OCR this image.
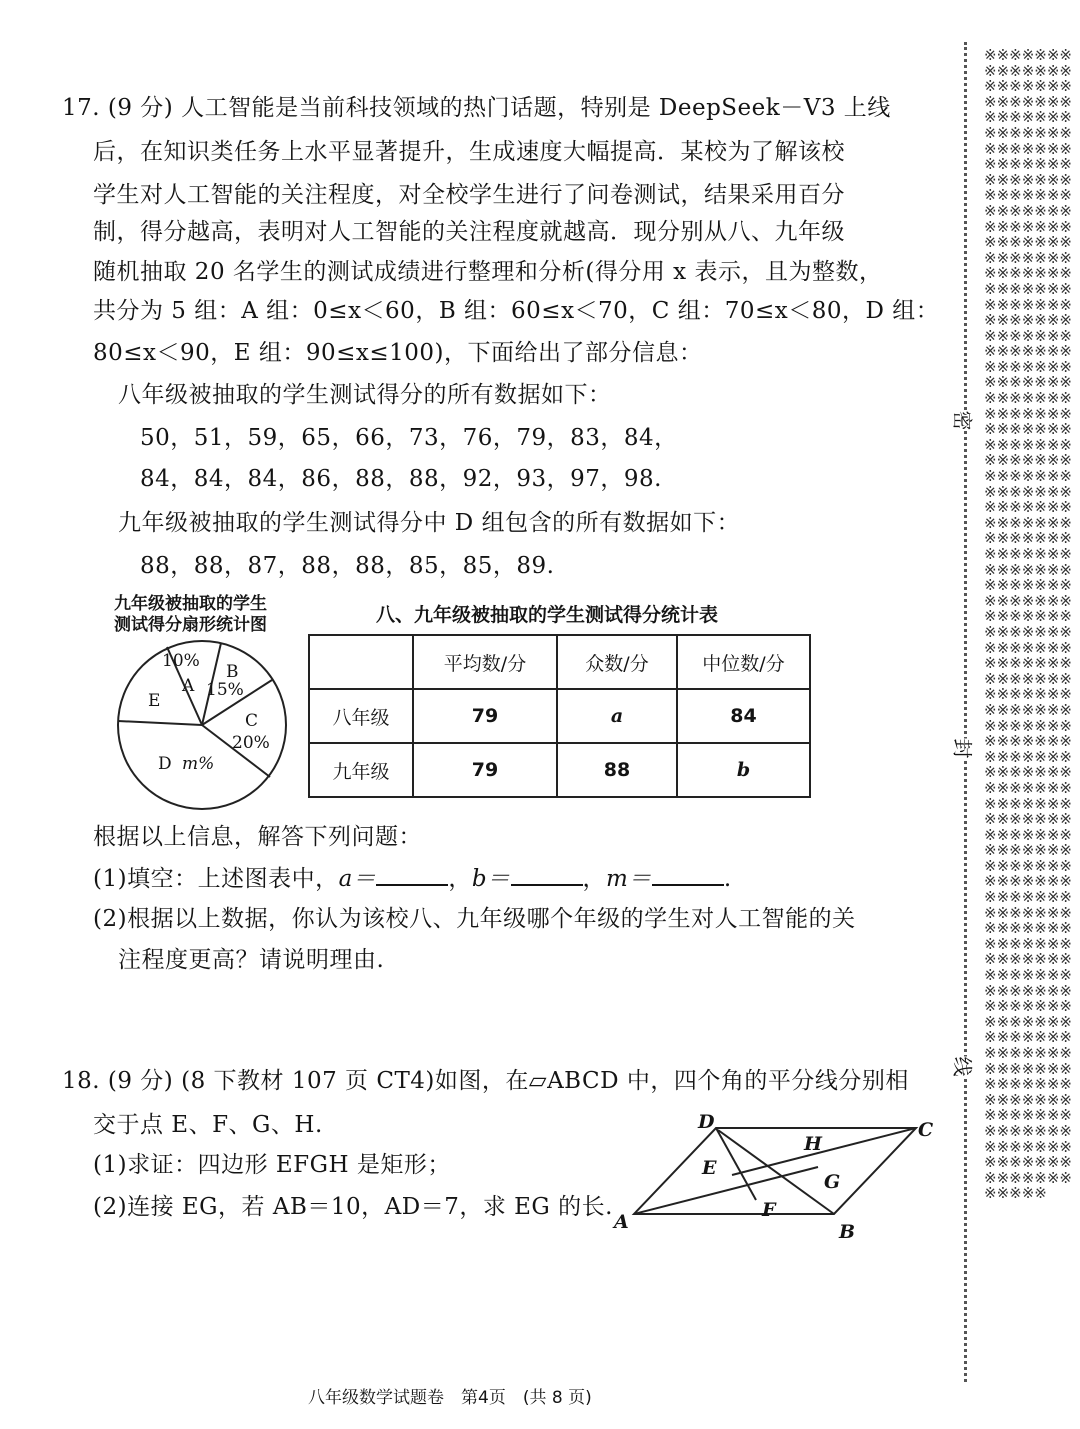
17. (9 分) 人工智能是当前科技领域的热门话题，特别是 DeepSeek－V3 上线
后，在知识类任务上水平显著提升，生成速度大幅提高．某校为了解该校
学生对人工智能的关注程度，对全校学生进行了问卷测试，结果采用百分
制，得分越高，表明对人工智能的关注程度就越高．现分别从八、九年级
随机抽取 20 名学生的测试成绩进行整理和分析(得分用 x 表示，且为整数，
共分为 5 组：A 组：0≤x＜60，B 组：60≤x＜70，C 组：70≤x＜80，D 组：
80≤x＜90，E 组：90≤x≤100)，下面给出了部分信息：
八年级被抽取的学生测试得分的所有数据如下：
50，51，59，65，66，73，76，79，83，84，
84，84，84，86，88，88，92，93，97，98.
九年级被抽取的学生测试得分中 D 组包含的所有数据如下：
88，88，87，88，88，85，85，89.
九年级被抽取的学生
测试得分扇形统计图
10%
A
B
15%
E
C
20%
D m%
八、九年级被抽取的学生测试得分统计表
	平均数/分	众数/分	中位数/分
八年级	79	a	84
九年级	79	88	b
根据以上信息，解答下列问题：
(1)填空：上述图表中，a＝	，b＝	，m＝	.
(2)根据以上数据，你认为该校八、九年级哪个年级的学生对人工智能的关
注程度更高？请说明理由.
18. (9 分) (8 下教材 107 页 CT4)如图，在▱ABCD 中，四个角的平分线分别相
交于点 E、F、G、H.
(1)求证：四边形 EFGH 是矩形；
(2)连接 EG，若 AB＝10，AD＝7，求 EG 的长.
A	B
C
D
E
F
G
H
八年级数学试题卷　第4页　(共 8 页)
※※※※※※※※※※※※※※※※※※※※※※※※※※※※※※※※※※※※※※※※※※※※※※※※※※※※※※※※※※※※※※※※※※※※※※※※※※※※※※※※※※※※※※※※※※※※※※※※※※※※※※※※※※※※※※※※※※※※※※※※※※※※※※※※※※※※※※※※※※※※※※※※※※※※※※※※※※※※※※※※※※※※※※※※※※※※※※※※※※※※※※※※※※※※※※※※※※※※※※※※※※※※※※※※※※※※※※※※※※※※※※※※※※※※※※※※※※※※※※※※※※※※※※※※※※※※※※※※※※※※※※※※※※※※※※※※※※※※※※※※※※※※※※※※※※※※※※※※※※※※※※※※※※※※※※※※※※※※※※※※※※※※※※※※※※※※※※※※※※※※※※※※※※※※※※※※※※※※※※※※※※※※※※※※※※※※※※※※※※※※※※※※※※※※※※※※※※※※※※※※※※※※※※※※※※※※※※※※※※※※※※※※※※※※※※※※※※※※※※※※※※※※※※※※※※※※※※※※※※※※※※※※※※※※※※※※※※※※※※※※※※※※※※※※※※※※※※※※※※※※※※※※※※※※※※※※※※※※
密
封
线
